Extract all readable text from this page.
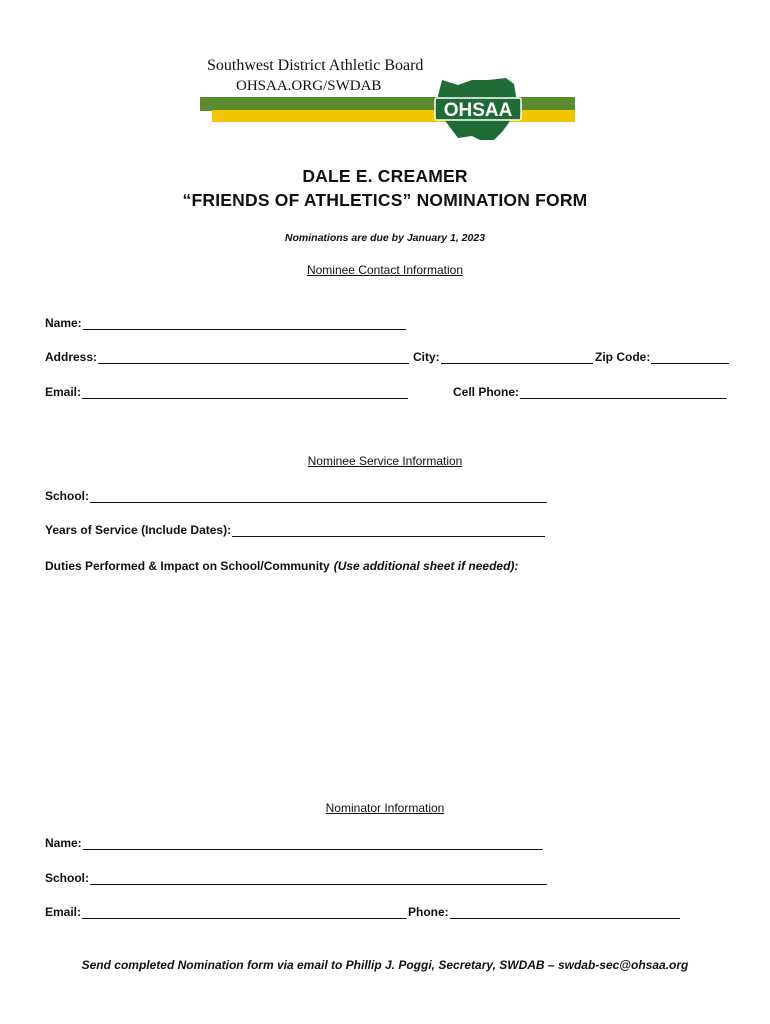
Southwest District Athletic Board
OHSAA.ORG/SWDAB
OHSAA
DALE E. CREAMER
“FRIENDS OF ATHLETICS” NOMINATION FORM
Nominations are due by January 1, 2023
Nominee Contact Information
Name:
Address:	City:	Zip Code:
Email:	Cell Phone:
Nominee Service Information
School:
Years of Service (Include Dates):
Duties Performed & Impact on School/Community (Use additional sheet if needed):
Nominator Information
Name:
School:
Email:	Phone:
Send completed Nomination form via email to Phillip J. Poggi, Secretary, SWDAB – swdab-sec@ohsaa.org
